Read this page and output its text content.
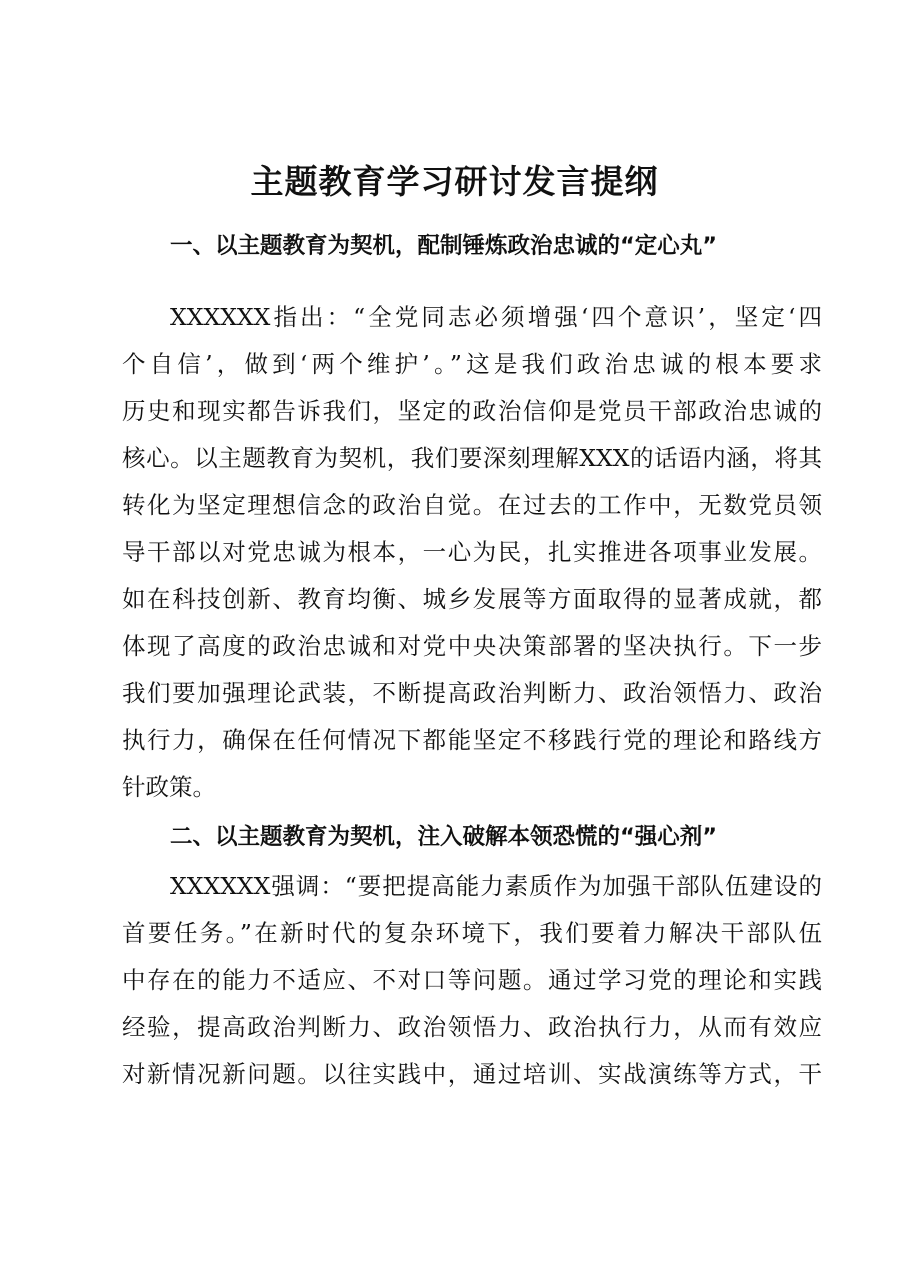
主题教育学习研讨发言提纲

一、以主题教育为契机，配制锤炼政治忠诚的“定心丸”

XXXXXX指出：“全党同志必须增强‘四个意识’，坚定‘四

个自信’，做到‘两个维护’。”这是我们政治忠诚的根本要求

历史和现实都告诉我们，坚定的政治信仰是党员干部政治忠诚的

核心。以主题教育为契机，我们要深刻理解XXX的话语内涵，将其

转化为坚定理想信念的政治自觉。在过去的工作中，无数党员领

导干部以对党忠诚为根本，一心为民，扎实推进各项事业发展。

如在科技创新、教育均衡、城乡发展等方面取得的显著成就，都

体现了高度的政治忠诚和对党中央决策部署的坚决执行。下一步

我们要加强理论武装，不断提高政治判断力、政治领悟力、政治

执行力，确保在任何情况下都能坚定不移践行党的理论和路线方

针政策。

二、以主题教育为契机，注入破解本领恐慌的“强心剂”

XXXXXX强调：“要把提高能力素质作为加强干部队伍建设的

首要任务。”在新时代的复杂环境下，我们要着力解决干部队伍

中存在的能力不适应、不对口等问题。通过学习党的理论和实践

经验，提高政治判断力、政治领悟力、政治执行力，从而有效应

对新情况新问题。以往实践中，通过培训、实战演练等方式，干
